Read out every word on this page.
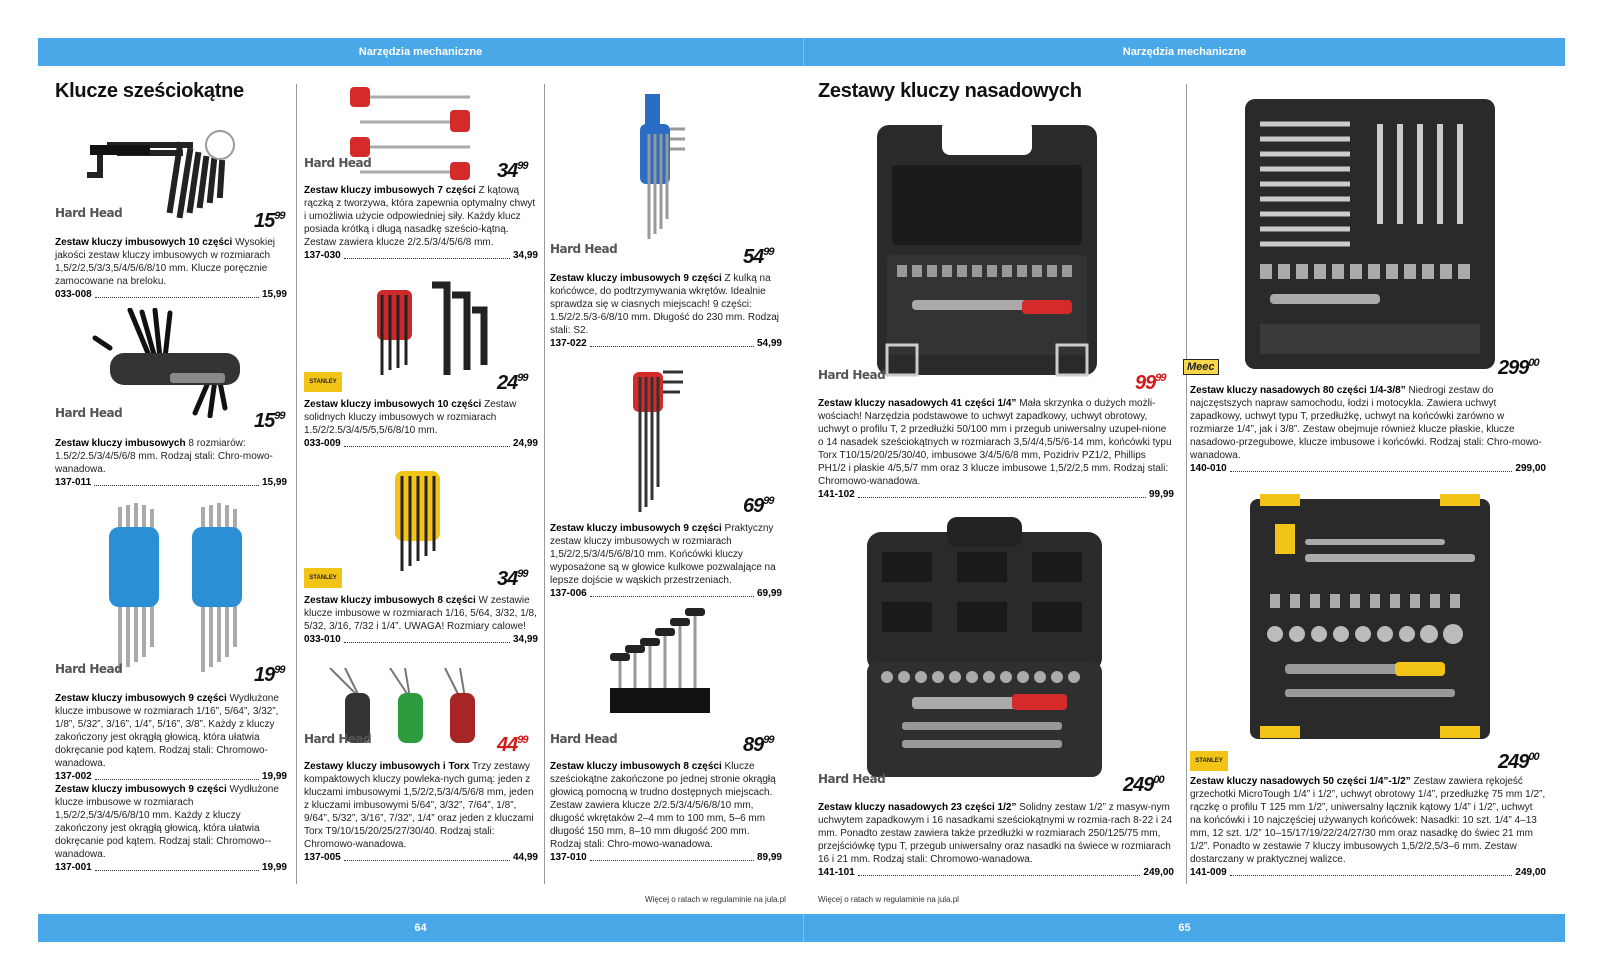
Narzędzia mechaniczne	Narzędzia mechaniczne
64	65
Klucze sześciokątne	Zestawy kluczy nasadowych
Hard Head	$15^{99}$
Zestaw kluczy imbusowych 10 części Wysokiej jakości zestaw kluczy imbusowych w rozmiarach 1,5/2/2,5/3/3,5/4/5/6/8/10 mm. Klucze poręcznie zamocowane na breloku.
033-008	15,99
Hard Head	$15^{99}$
Zestaw kluczy imbusowych 8 rozmiarów: 1.5/2/2.5/3/4/5/6/8 mm. Rodzaj stali: Chro-mowo-wanadowa.
137-011	15,99
Hard Head	$19^{99}$
Zestaw kluczy imbusowych 9 części Wydłużone klucze imbusowe w rozmiarach 1/16”, 5/64”, 3/32”, 1/8”, 5/32”, 3/16”, 1/4”, 5/16”, 3/8”. Każdy z kluczy zakończony jest okrągłą głowicą, która ułatwia dokręcanie pod kątem. Rodzaj stali: Chromowo-wanadowa.
137-002	19,99
Zestaw kluczy imbusowych 9 części Wydłużone klucze imbusowe w rozmiarach 1,5/2/2,5/3/4/5/6/8/10 mm. Każdy z kluczy zakończony jest okrągłą głowicą, która ułatwia dokręcanie pod kątem. Rodzaj stali: Chromowo--wanadowa.
137-001	19,99
Hard Head	$34^{99}$
Zestaw kluczy imbusowych 7 części Z kątową rączką z tworzywa, która zapewnia optymalny chwyt i umożliwia użycie odpowiedniej siły. Każdy klucz posiada krótką i długą nasadkę sześcio-kątną. Zestaw zawiera klucze 2/2.5/3/4/5/6/8 mm.
137-030	34,99
STANLEY	$24^{99}$
Zestaw kluczy imbusowych 10 części Zestaw solidnych kluczy imbusowych w rozmiarach 1.5/2/2.5/3/4/5/5,5/6/8/10 mm.
033-009	24,99
STANLEY	$34^{99}$
Zestaw kluczy imbusowych 8 części W zestawie klucze imbusowe w rozmiarach 1/16, 5/64, 3/32, 1/8, 5/32, 3/16, 7/32 i 1/4”. UWAGA! Rozmiary calowe!
033-010	34,99
Hard Head	$44^{99}$
Zestawy kluczy imbusowych i Torx Trzy zestawy kompaktowych kluczy powleka-nych gumą: jeden z kluczami imbusowymi 1,5/2/2,5/3/4/5/6/8 mm, jeden z kluczami imbusowymi 5/64”, 3/32”, 7/64”, 1/8”, 9/64”, 5/32”, 3/16”, 7/32”, 1/4” oraz jeden z kluczami Torx T9/10/15/20/25/27/30/40. Rodzaj stali: Chromowo-wanadowa.
137-005	44,99
Hard Head	$54^{99}$
Zestaw kluczy imbusowych 9 części Z kulką na końcówce, do podtrzymywania wkrętów. Idealnie sprawdza się w ciasnych miejscach! 9 części: 1.5/2/2.5/3-6/8/10 mm. Długość do 230 mm. Rodzaj stali: S2.
137-022	54,99
$69^{99}$
Zestaw kluczy imbusowych 9 części Praktyczny zestaw kluczy imbusowych w rozmiarach 1,5/2/2,5/3/4/5/6/8/10 mm. Końcówki kluczy wyposażone są w głowice kulkowe pozwalające na lepsze dojście w wąskich przestrzeniach.
137-006	69,99
Hard Head	$89^{99}$
Zestaw kluczy imbusowych 8 części Klucze sześciokątne zakończone po jednej stronie okrągłą głowicą pomocną w trudno dostępnych miejscach. Zestaw zawiera klucze 2/2.5/3/4/5/6/8/10 mm, długość wkrętaków 2–4 mm to 100 mm, 5–6 mm długość 150 mm, 8–10 mm długość 200 mm. Rodzaj stali: Chro-mowo-wanadowa.
137-010	89,99
Więcej o ratach w regulaminie na jula.pl
Hard Head	$99^{99}$
Zestaw kluczy nasadowych 41 części 1/4” Mała skrzynka o dużych możli-wościach! Narzędzia podstawowe to uchwyt zapadkowy, uchwyt obrotowy, uchwyt o profilu T, 2 przedłużki 50/100 mm i przegub uniwersalny uzupeł-nione o 14 nasadek sześciokątnych w rozmiarach 3,5/4/4,5/5/6-14 mm, końcówki typu Torx T10/15/20/25/30/40, imbusowe 3/4/5/6/8 mm, Pozidriv PZ1/2, Phillips PH1/2 i płaskie 4/5,5/7 mm oraz 3 klucze imbusowe 1,5/2/2,5 mm. Rodzaj stali: Chromowo-wanadowa.
141-102	99,99
Hard Head	$249^{00}$
Zestaw kluczy nasadowych 23 części 1/2” Solidny zestaw 1/2” z masyw-nym uchwytem zapadkowym i 16 nasadkami sześciokątnymi w rozmia-rach 8-22 i 24 mm. Ponadto zestaw zawiera także przedłużki w rozmiarach 250/125/75 mm, przejściówkę typu T, przegub uniwersalny oraz nasadki na świece w rozmiarach 16 i 21 mm. Rodzaj stali: Chromowo-wanadowa.
141-101	249,00
Więcej o ratach w regulaminie na jula.pl
Meec	$299^{00}$
Zestaw kluczy nasadowych 80 części 1/4-3/8” Niedrogi zestaw do najczęstszych napraw samochodu, łodzi i motocykla. Zawiera uchwyt zapadkowy, uchwyt typu T, przedłużkę, uchwyt na końcówki zarówno w rozmiarze 1/4”, jak i 3/8”. Zestaw obejmuje również klucze płaskie, klucze nasadowo-przegubowe, klucze imbusowe i końcówki. Rodzaj stali: Chro-mowo-wanadowa.
140-010	299,00
STANLEY	$249^{00}$
Zestaw kluczy nasadowych 50 części 1/4”-1/2” Zestaw zawiera rękojeść grzechotki MicroTough 1/4” i 1/2”, uchwyt obrotowy 1/4”, przedłużkę 75 mm 1/2”, rączkę o profilu T 125 mm 1/2”, uniwersalny łącznik kątowy 1/4” i 1/2”, uchwyt na końcówki i 10 najczęściej używanych końcówek: Nasadki: 10 szt. 1/4” 4–13 mm, 12 szt. 1/2” 10–15/17/19/22/24/27/30 mm oraz nasadkę do świec 21 mm 1/2”. Ponadto w zestawie 7 kluczy imbusowych 1,5/2/2,5/3–6 mm. Zestaw dostarczany w praktycznej walizce.
141-009	249,00
